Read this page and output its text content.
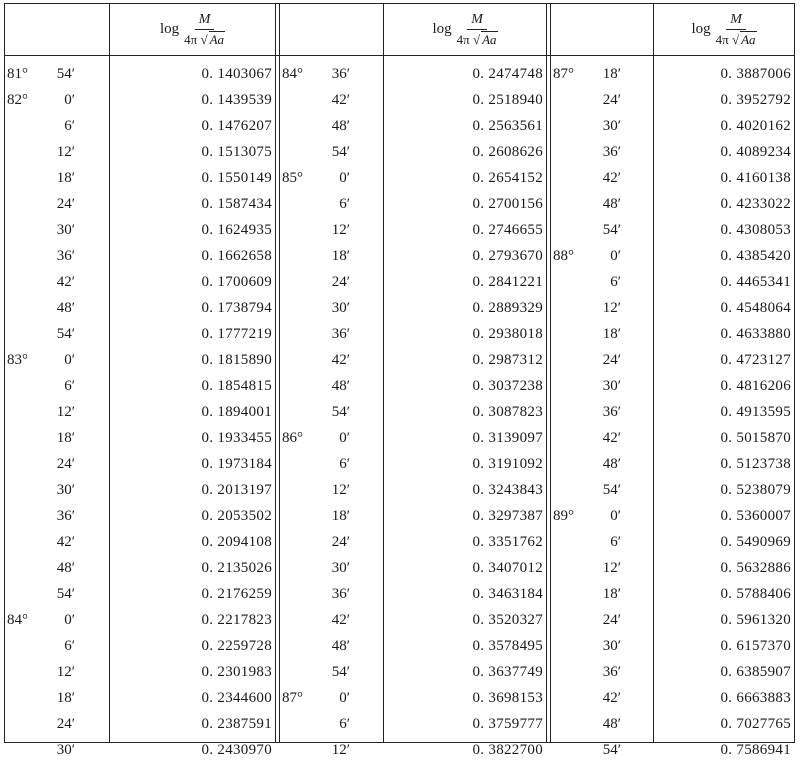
$\log \frac{M}{4\pi √ Aa}$	$\log \frac{M}{4\pi √ Aa}$	$\log \frac{M}{4\pi √ Aa}$
81° 54′	0. 1403067
82° 0′	0. 1439539
6′	0. 1476207
12′	0. 1513075
18′	0. 1550149
24′	0. 1587434
30′	0. 1624935
36′	0. 1662658
42′	0. 1700609
48′	0. 1738794
54′	0. 1777219
83° 0′	0. 1815890
6′	0. 1854815
12′	0. 1894001
18′	0. 1933455
24′	0. 1973184
30′	0. 2013197
36′	0. 2053502
42′	0. 2094108
48′	0. 2135026
54′	0. 2176259
84° 0′	0. 2217823
6′	0. 2259728
12′	0. 2301983
18′	0. 2344600
24′	0. 2387591
30′	0. 2430970
84° 36′	0. 2474748
42′	0. 2518940
48′	0. 2563561
54′	0. 2608626
85° 0′	0. 2654152
6′	0. 2700156
12′	0. 2746655
18′	0. 2793670
24′	0. 2841221
30′	0. 2889329
36′	0. 2938018
42′	0. 2987312
48′	0. 3037238
54′	0. 3087823
86° 0′	0. 3139097
6′	0. 3191092
12′	0. 3243843
18′	0. 3297387
24′	0. 3351762
30′	0. 3407012
36′	0. 3463184
42′	0. 3520327
48′	0. 3578495
54′	0. 3637749
87° 0′	0. 3698153
6′	0. 3759777
12′	0. 3822700
87° 18′	0. 3887006
24′	0. 3952792
30′	0. 4020162
36′	0. 4089234
42′	0. 4160138
48′	0. 4233022
54′	0. 4308053
88° 0′	0. 4385420
6′	0. 4465341
12′	0. 4548064
18′	0. 4633880
24′	0. 4723127
30′	0. 4816206
36′	0. 4913595
42′	0. 5015870
48′	0. 5123738
54′	0. 5238079
89° 0′	0. 5360007
6′	0. 5490969
12′	0. 5632886
18′	0. 5788406
24′	0. 5961320
30′	0. 6157370
36′	0. 6385907
42′	0. 6663883
48′	0. 7027765
54′	0. 7586941
